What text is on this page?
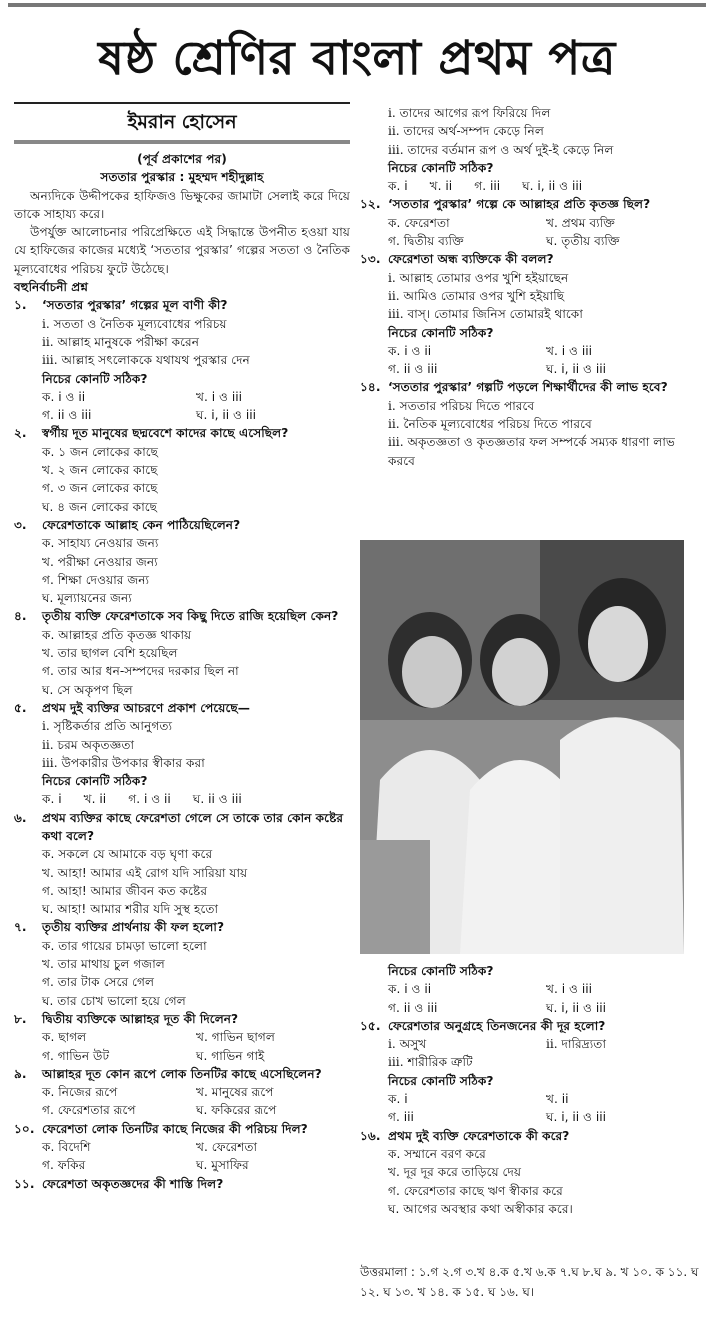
ষষ্ঠ শ্রেণির বাংলা প্রথম পত্র
ইমরান হোসেন
(পূর্ব প্রকাশের পর)
সততার পুরস্কার : মুহম্মদ শহীদুল্লাহ
অন্যদিকে উদ্দীপকের হাফিজও ভিক্ষুকের জামাটা সেলাই করে দিয়ে তাকে সাহায্য করে।
উপর্যুক্ত আলোচনার পরিপ্রেক্ষিতে এই সিদ্ধান্তে উপনীত হওয়া যায় যে হাফিজের কাজের মধ্যেই ‘সততার পুরস্কার’ গল্পের সততা ও নৈতিক মূল্যবোধের পরিচয় ফুটে উঠেছে।
বহুনির্বাচনী প্রশ্ন
১. ‘সততার পুরস্কার’ গল্পের মূল বাণী কী?
i. সততা ও নৈতিক মূল্যবোধের পরিচয়
ii. আল্লাহ মানুষকে পরীক্ষা করেন
iii. আল্লাহ সৎলোককে যথাযথ পুরস্কার দেন
নিচের কোনটি সঠিক?
ক. i ও ii	খ. i ও iii
গ. ii ও iii	ঘ. i, ii ও iii
২. স্বর্গীয় দূত মানুষের ছদ্মবেশে কাদের কাছে এসেছিল?
ক. ১ জন লোকের কাছে
খ. ২ জন লোকের কাছে
গ. ৩ জন লোকের কাছে
ঘ. ৪ জন লোকের কাছে
৩. ফেরেশতাকে আল্লাহ কেন পাঠিয়েছিলেন?
ক. সাহায্য নেওয়ার জন্য
খ. পরীক্ষা নেওয়ার জন্য
গ. শিক্ষা দেওয়ার জন্য
ঘ. মূল্যায়নের জন্য
৪. তৃতীয় ব্যক্তি ফেরেশতাকে সব কিছু দিতে রাজি হয়েছিল কেন?
ক. আল্লাহর প্রতি কৃতজ্ঞ থাকায়
খ. তার ছাগল বেশি হয়েছিল
গ. তার আর ধন-সম্পদের দরকার ছিল না
ঘ. সে অকৃপণ ছিল
৫. প্রথম দুই ব্যক্তির আচরণে প্রকাশ পেয়েছে—
i. সৃষ্টিকর্তার প্রতি আনুগত্য
ii. চরম অকৃতজ্ঞতা
iii. উপকারীর উপকার স্বীকার করা
নিচের কোনটি সঠিক?
ক. i খ. ii গ. i ও ii ঘ. ii ও iii
৬. প্রথম ব্যক্তির কাছে ফেরেশতা গেলে সে তাকে তার কোন কষ্টের কথা বলে?
ক. সকলে যে আমাকে বড় ঘৃণা করে
খ. আহা! আমার এই রোগ যদি সারিয়া যায়
গ. আহা! আমার জীবন কত কষ্টের
ঘ. আহা! আমার শরীর যদি সুস্থ হতো
৭. তৃতীয় ব্যক্তির প্রার্থনায় কী ফল হলো?
ক. তার গায়ের চামড়া ভালো হলো
খ. তার মাথায় চুল গজাল
গ. তার টাক সেরে গেল
ঘ. তার চোখ ভালো হয়ে গেল
৮. দ্বিতীয় ব্যক্তিকে আল্লাহর দূত কী দিলেন?
ক. ছাগল	খ. গাভিন ছাগল
গ. গাভিন উট	ঘ. গাভিন গাই
৯. আল্লাহর দূত কোন রূপে লোক তিনটির কাছে এসেছিলেন?
ক. নিজের রূপে	খ. মানুষের রূপে
গ. ফেরেশতার রূপে	ঘ. ফকিরের রূপে
১০. ফেরেশতা লোক তিনটির কাছে নিজের কী পরিচয় দিল?
ক. বিদেশি	খ. ফেরেশতা
গ. ফকির	ঘ. মুসাফির
১১. ফেরেশতা অকৃতজ্ঞদের কী শাস্তি দিল?
i. তাদের আগের রূপ ফিরিয়ে দিল
ii. তাদের অর্থ-সম্পদ কেড়ে নিল
iii. তাদের বর্তমান রূপ ও অর্থ দুই-ই কেড়ে নিল
নিচের কোনটি সঠিক?
ক. i খ. ii গ. iii ঘ. i, ii ও iii
১২. ‘সততার পুরস্কার’ গল্পে কে আল্লাহর প্রতি কৃতজ্ঞ ছিল?
ক. ফেরেশতা	খ. প্রথম ব্যক্তি
গ. দ্বিতীয় ব্যক্তি	ঘ. তৃতীয় ব্যক্তি
১৩. ফেরেশতা অন্ধ ব্যক্তিকে কী বলল?
i. আল্লাহ তোমার ওপর খুশি হইয়াছেন
ii. আমিও তোমার ওপর খুশি হইয়াছি
iii. বাস্‌। তোমার জিনিস তোমারই থাকো
নিচের কোনটি সঠিক?
ক. i ও ii	খ. i ও iii
গ. ii ও iii	ঘ. i, ii ও iii
১৪. ‘সততার পুরস্কার’ গল্পটি পড়লে শিক্ষার্থীদের কী লাভ হবে?
i. সততার পরিচয় দিতে পারবে
ii. নৈতিক মূল্যবোধের পরিচয় দিতে পারবে
iii. অকৃতজ্ঞতা ও কৃতজ্ঞতার ফল সম্পর্কে সম্যক ধারণা লাভ করবে
নিচের কোনটি সঠিক?
ক. i ও ii	খ. i ও iii
গ. ii ও iii	ঘ. i, ii ও iii
১৫. ফেরেশতার অনুগ্রহে তিনজনের কী দূর হলো?
i. অসুখ	ii. দারিদ্র্যতা
iii. শারীরিক ত্রুটি
নিচের কোনটি সঠিক?
ক. i	খ. ii
গ. iii	ঘ. i, ii ও iii
১৬. প্রথম দুই ব্যক্তি ফেরেশতাকে কী করে?
ক. সম্মানে বরণ করে
খ. দূর দূর করে তাড়িয়ে দেয়
গ. ফেরেশতার কাছে ঋণ স্বীকার করে
ঘ. আগের অবস্থার কথা অস্বীকার করে।
উত্তরমালা : ১.গ ২.গ ৩.খ ৪.ক ৫.খ ৬.ক ৭.ঘ ৮.ঘ ৯. খ ১০. ক ১১. ঘ ১২. ঘ ১৩. খ ১৪. ক ১৫. ঘ ১৬. ঘ।
